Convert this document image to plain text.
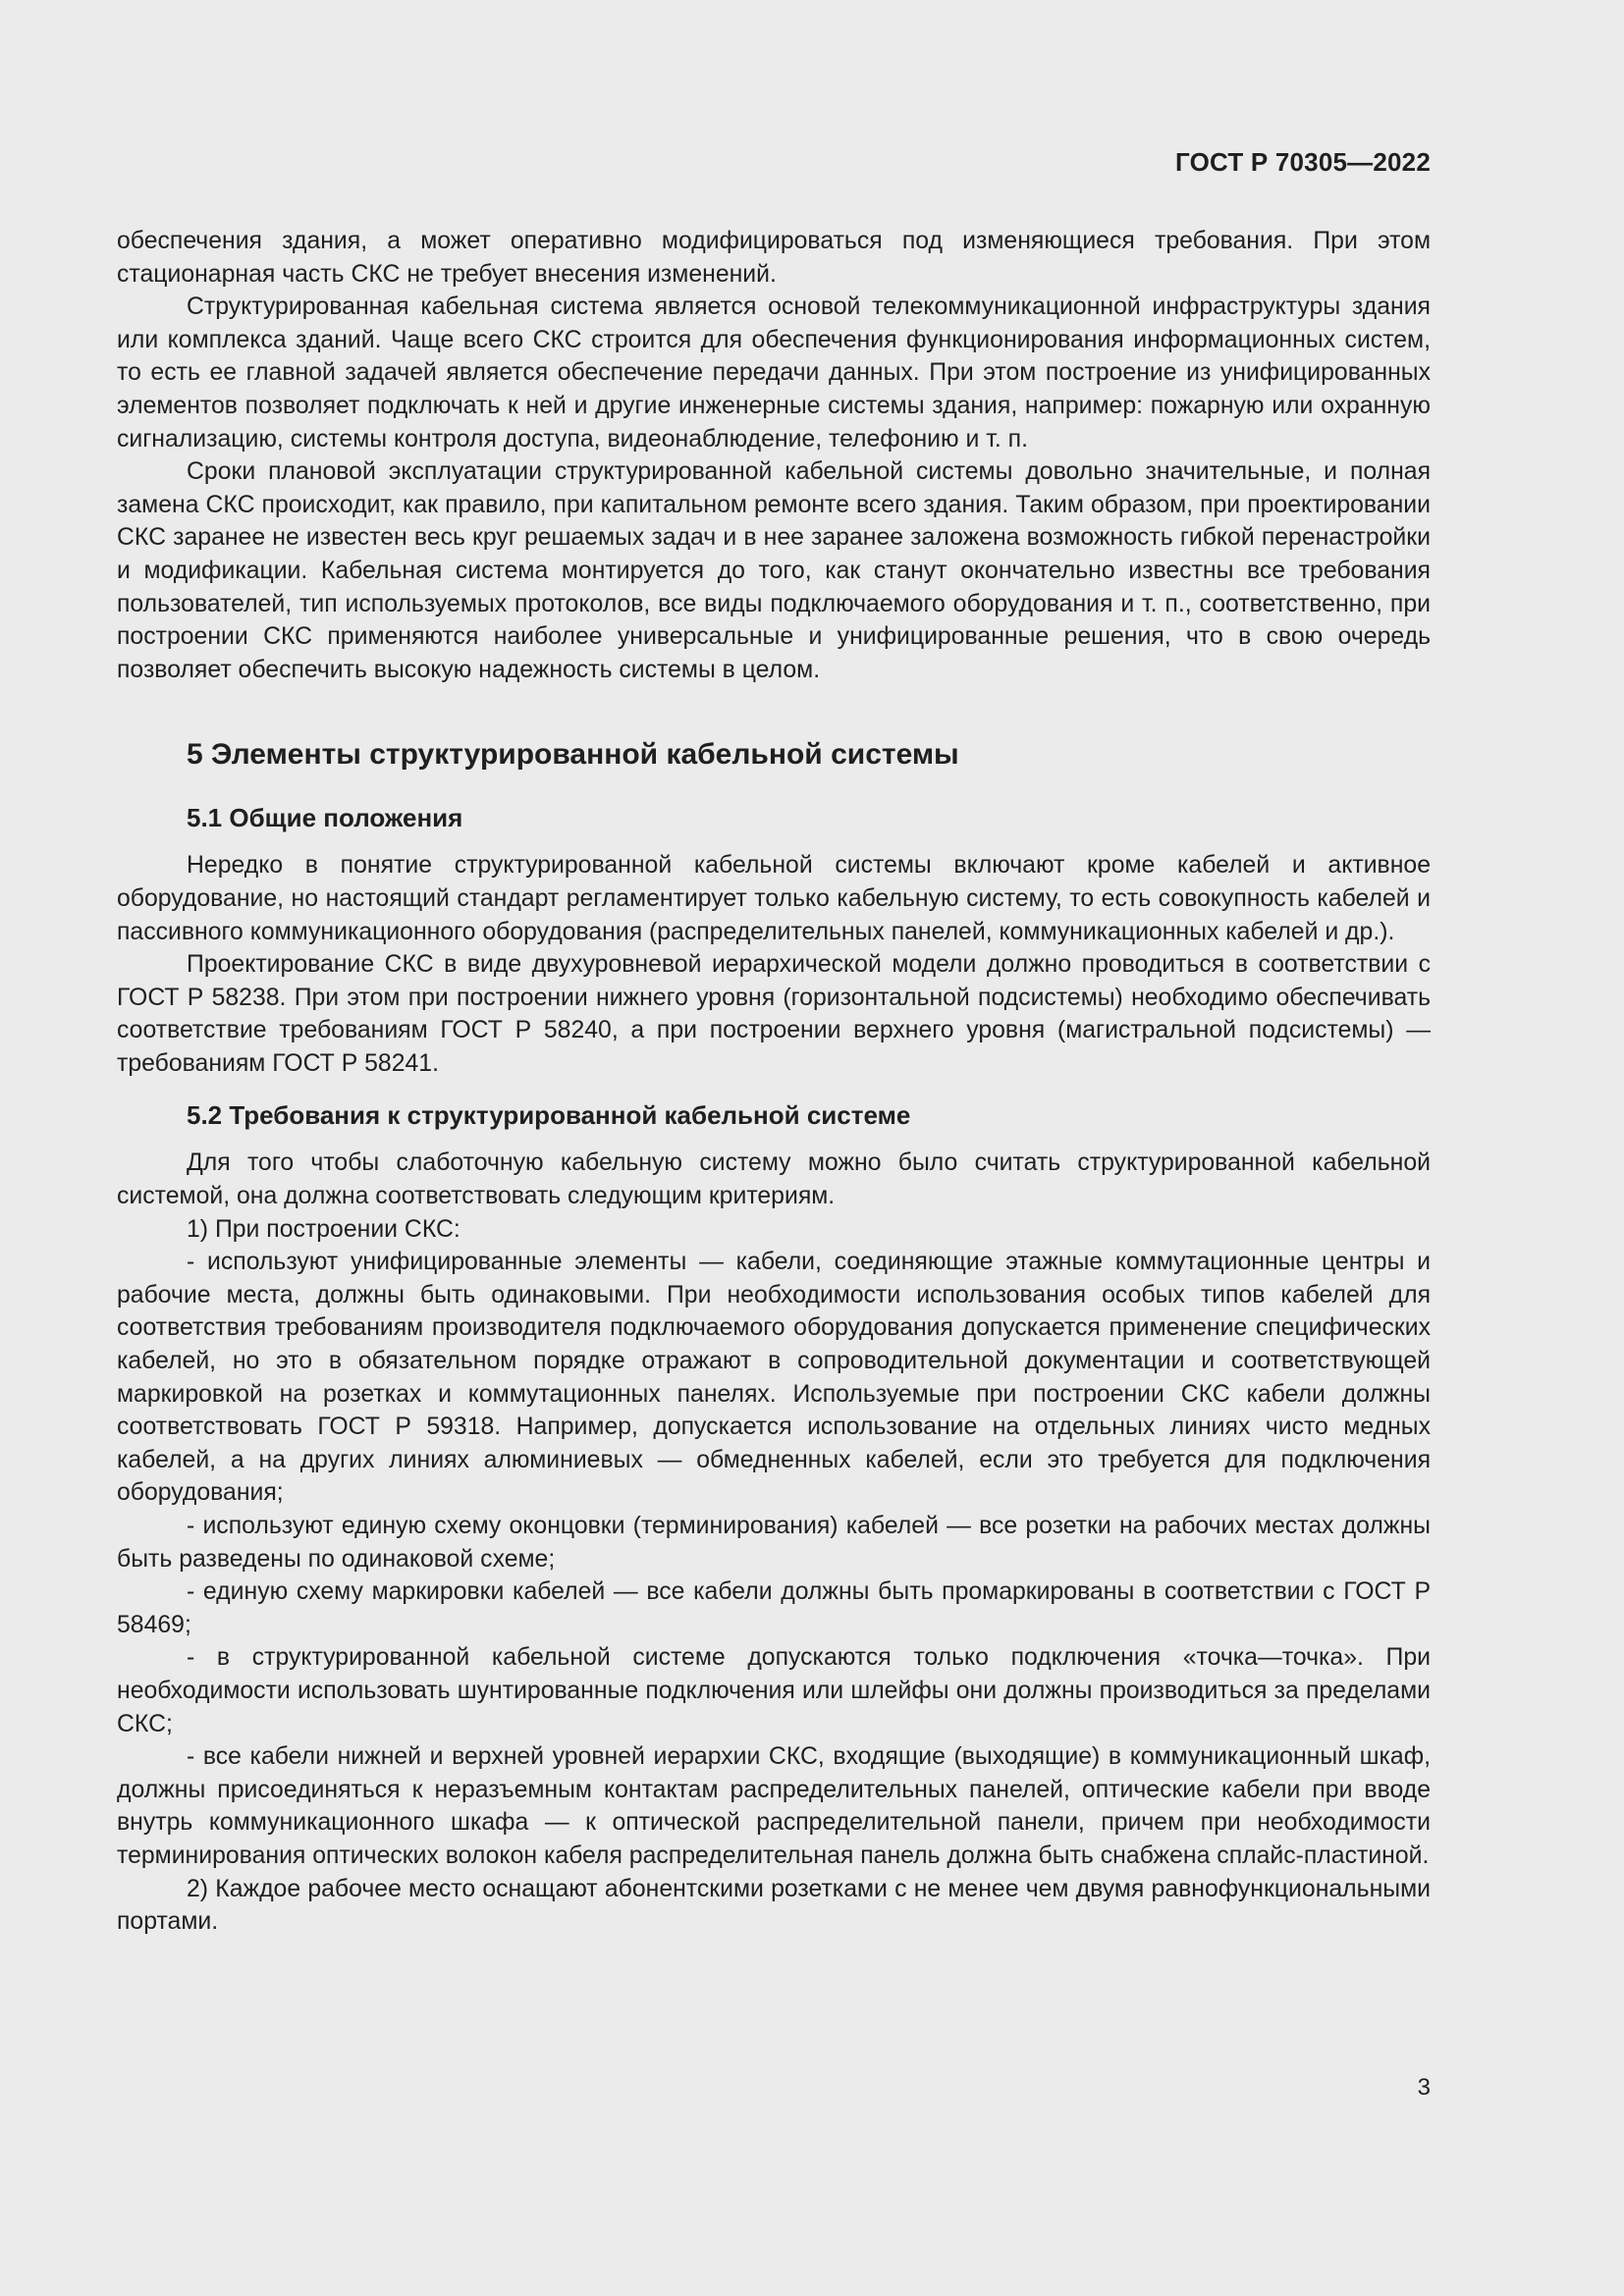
ГОСТ Р 70305—2022

обеспечения здания, а может оперативно модифицироваться под изменяющиеся требования. При этом стационарная часть СКС не требует внесения изменений.

Структурированная кабельная система является основой телекоммуникационной инфраструктуры здания или комплекса зданий. Чаще всего СКС строится для обеспечения функционирования информационных систем, то есть ее главной задачей является обеспечение передачи данных. При этом построение из унифицированных элементов позволяет подключать к ней и другие инженерные системы здания, например: пожарную или охранную сигнализацию, системы контроля доступа, видеонаблюдение, телефонию и т. п.

Сроки плановой эксплуатации структурированной кабельной системы довольно значительные, и полная замена СКС происходит, как правило, при капитальном ремонте всего здания. Таким образом, при проектировании СКС заранее не известен весь круг решаемых задач и в нее заранее заложена возможность гибкой перенастройки и модификации. Кабельная система монтируется до того, как станут окончательно известны все требования пользователей, тип используемых протоколов, все виды подключаемого оборудования и т. п., соответственно, при построении СКС применяются наиболее универсальные и унифицированные решения, что в свою очередь позволяет обеспечить высокую надежность системы в целом.

5 Элементы структурированной кабельной системы
5.1 Общие положения

Нередко в понятие структурированной кабельной системы включают кроме кабелей и активное оборудование, но настоящий стандарт регламентирует только кабельную систему, то есть совокупность кабелей и пассивного коммуникационного оборудования (распределительных панелей, коммуникационных кабелей и др.).

Проектирование СКС в виде двухуровневой иерархической модели должно проводиться в соответствии с ГОСТ Р 58238. При этом при построении нижнего уровня (горизонтальной подсистемы) необходимо обеспечивать соответствие требованиям ГОСТ Р 58240, а при построении верхнего уровня (магистральной подсистемы) — требованиям ГОСТ Р 58241.

5.2 Требования к структурированной кабельной системе

Для того чтобы слаботочную кабельную систему можно было считать структурированной кабельной системой, она должна соответствовать следующим критериям.

1) При построении СКС:

- используют унифицированные элементы — кабели, соединяющие этажные коммутационные центры и рабочие места, должны быть одинаковыми. При необходимости использования особых типов кабелей для соответствия требованиям производителя подключаемого оборудования допускается применение специфических кабелей, но это в обязательном порядке отражают в сопроводительной документации и соответствующей маркировкой на розетках и коммутационных панелях. Используемые при построении СКС кабели должны соответствовать ГОСТ Р 59318. Например, допускается использование на отдельных линиях чисто медных кабелей, а на других линиях алюминиевых — обмедненных кабелей, если это требуется для подключения оборудования;

- используют единую схему оконцовки (терминирования) кабелей — все розетки на рабочих местах должны быть разведены по одинаковой схеме;

- единую схему маркировки кабелей — все кабели должны быть промаркированы в соответствии с ГОСТ Р 58469;

- в структурированной кабельной системе допускаются только подключения «точка—точка». При необходимости использовать шунтированные подключения или шлейфы они должны производиться за пределами СКС;

- все кабели нижней и верхней уровней иерархии СКС, входящие (выходящие) в коммуникационный шкаф, должны присоединяться к неразъемным контактам распределительных панелей, оптические кабели при вводе внутрь коммуникационного шкафа — к оптической распределительной панели, причем при необходимости терминирования оптических волокон кабеля распределительная панель должна быть снабжена сплайс-пластиной.

2) Каждое рабочее место оснащают абонентскими розетками с не менее чем двумя равнофункциональными портами.

3
